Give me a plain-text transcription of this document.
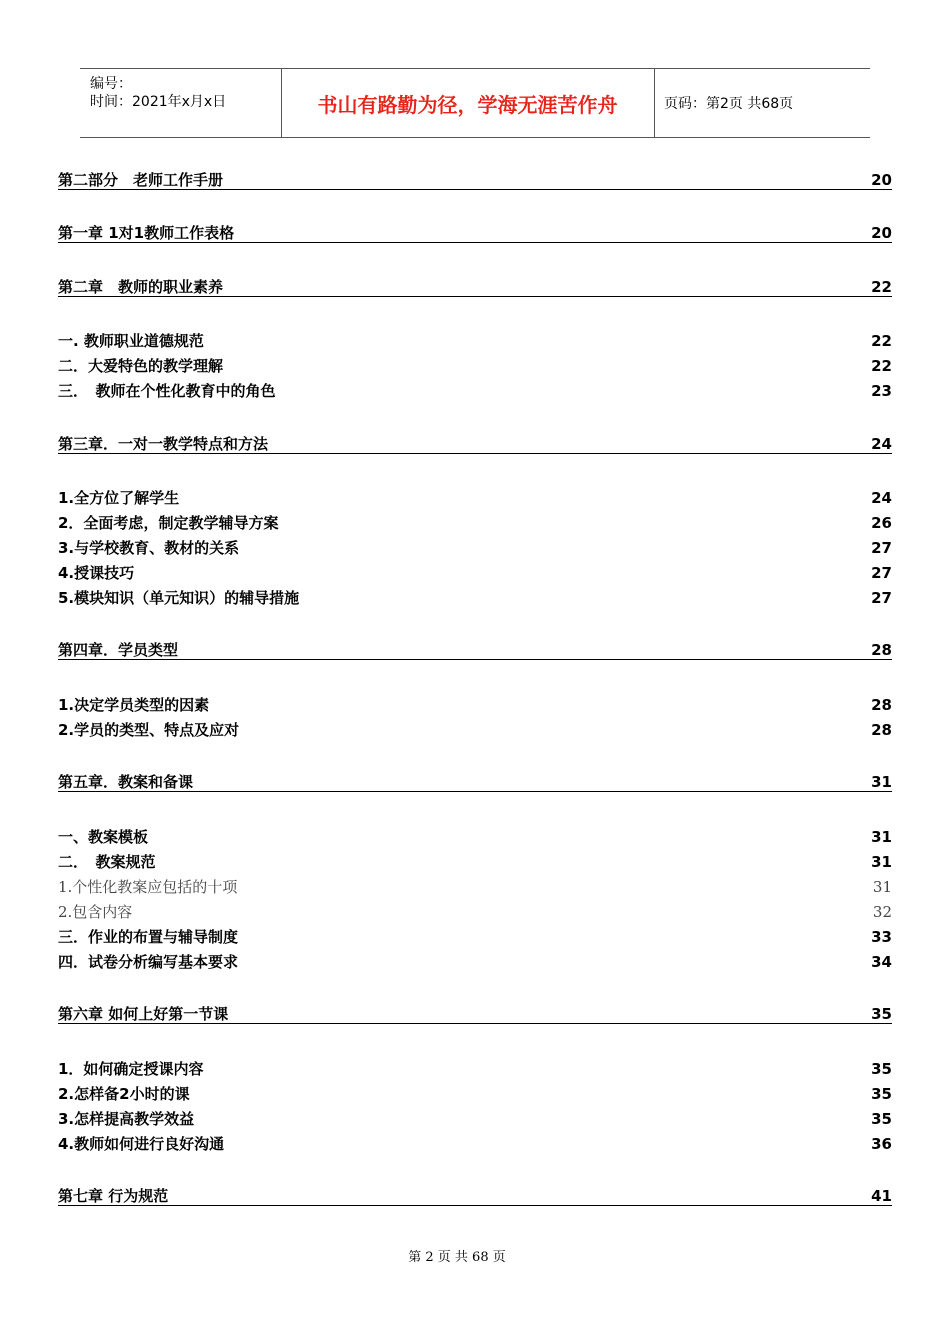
编号：
时间：2021年x月x日	书山有路勤为径，学海无涯苦作舟	页码：第2页 共68页
第二部分　老师工作手册	20
第一章 1对1教师工作表格	20
第二章　教师的职业素养	22
一. 教师职业道德规范	22
二．大爱特色的教学理解	22
三．　教师在个性化教育中的角色	23
第三章．一对一教学特点和方法	24
1.全方位了解学生	24
2．全面考虑，制定教学辅导方案	26
3.与学校教育、教材的关系	27
4.授课技巧	27
5.模块知识（单元知识）的辅导措施	27
第四章．学员类型	28
1.决定学员类型的因素	28
2.学员的类型、特点及应对	28
第五章．教案和备课	31
一、教案模板	31
二．　教案规范	31
1.个性化教案应包括的十项	31
2.包含内容	32
三．作业的布置与辅导制度	33
四．试卷分析编写基本要求	34
第六章 如何上好第一节课	35
1．如何确定授课内容	35
2.怎样备2小时的课	35
3.怎样提高教学效益	35
4.教师如何进行良好沟通	36
第七章 行为规范	41
第 2 页 共 68 页
